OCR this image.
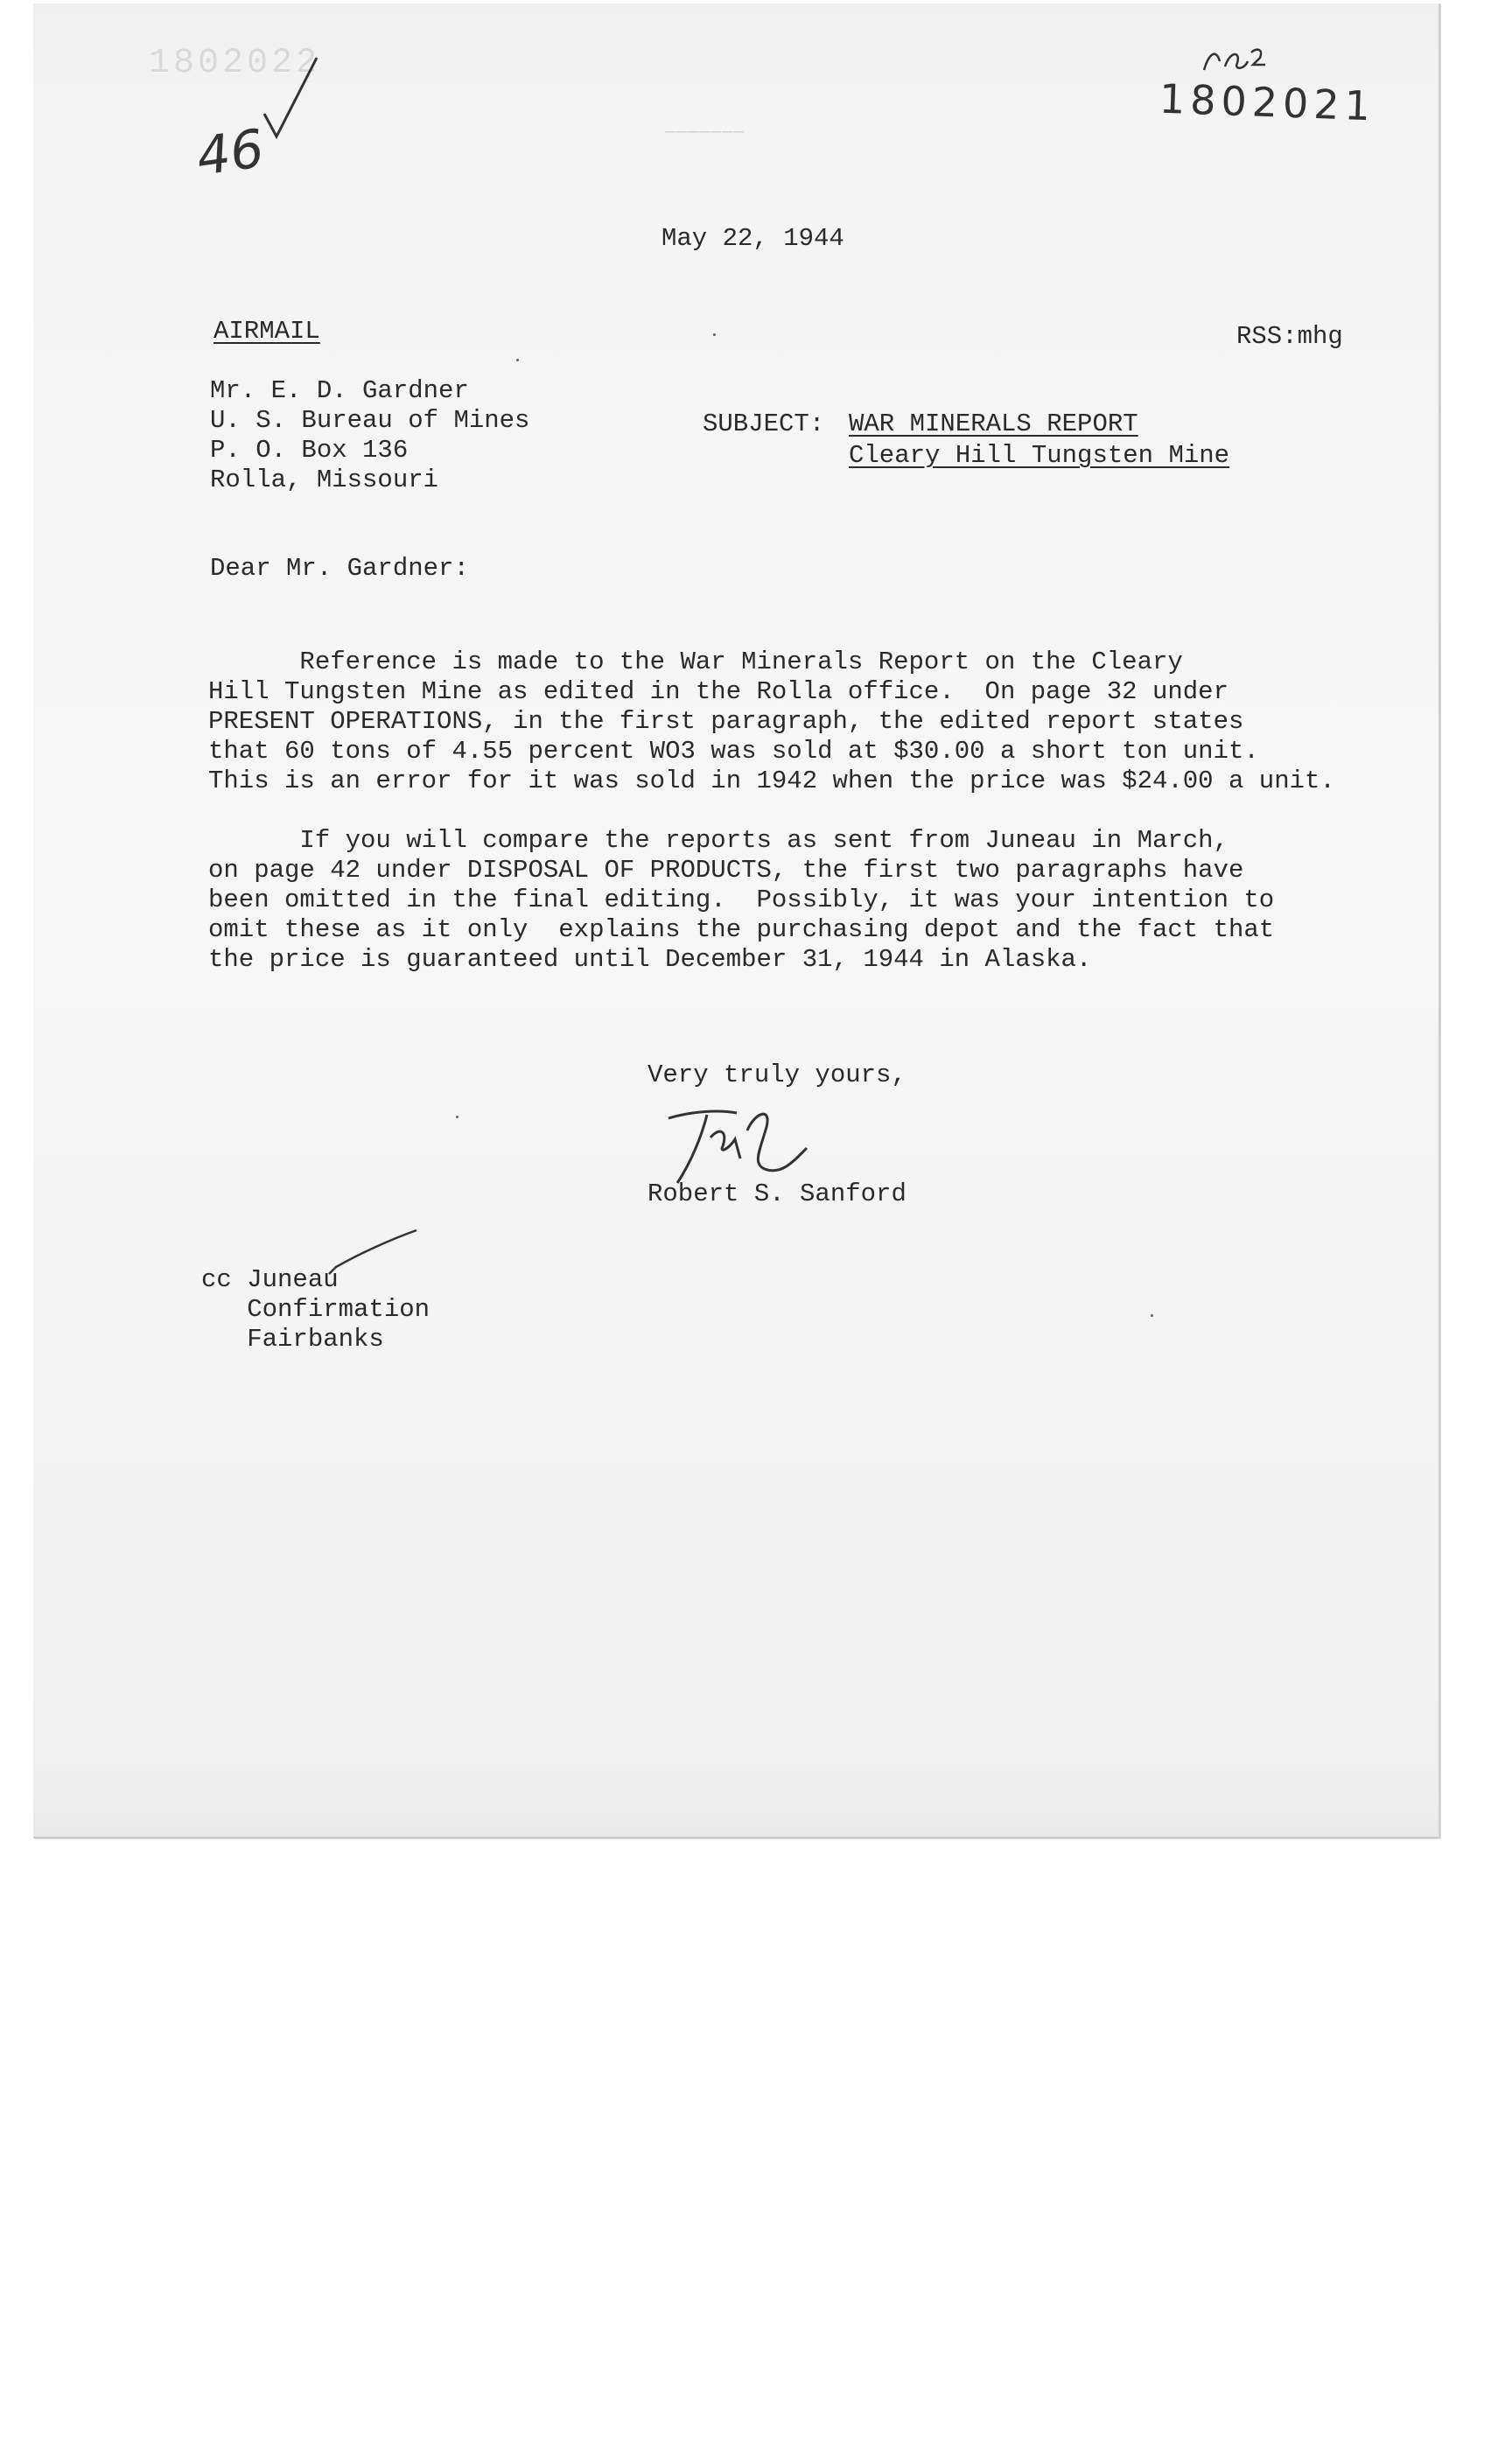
1802022
———————
46
1802021
May 22, 1944
AIRMAIL	RSS:mhg
Mr. E. D. Gardner
U. S. Bureau of Mines
P. O. Box 136
Rolla, Missouri
SUBJECT: WAR MINERALS REPORT
Cleary Hill Tungsten Mine
Dear Mr. Gardner:
Reference is made to the War Minerals Report on the Cleary
Hill Tungsten Mine as edited in the Rolla office.  On page 32 under
PRESENT OPERATIONS, in the first paragraph, the edited report states
that 60 tons of 4.55 percent WO3 was sold at $30.00 a short ton unit.
This is an error for it was sold in 1942 when the price was $24.00 a unit.
If you will compare the reports as sent from Juneau in March,
on page 42 under DISPOSAL OF PRODUCTS, the first two paragraphs have
been omitted in the final editing.  Possibly, it was your intention to
omit these as it only  explains the purchasing depot and the fact that
the price is guaranteed until December 31, 1944 in Alaska.
Very truly yours,
Robert S. Sanford
cc Juneau
Confirmation
Fairbanks
